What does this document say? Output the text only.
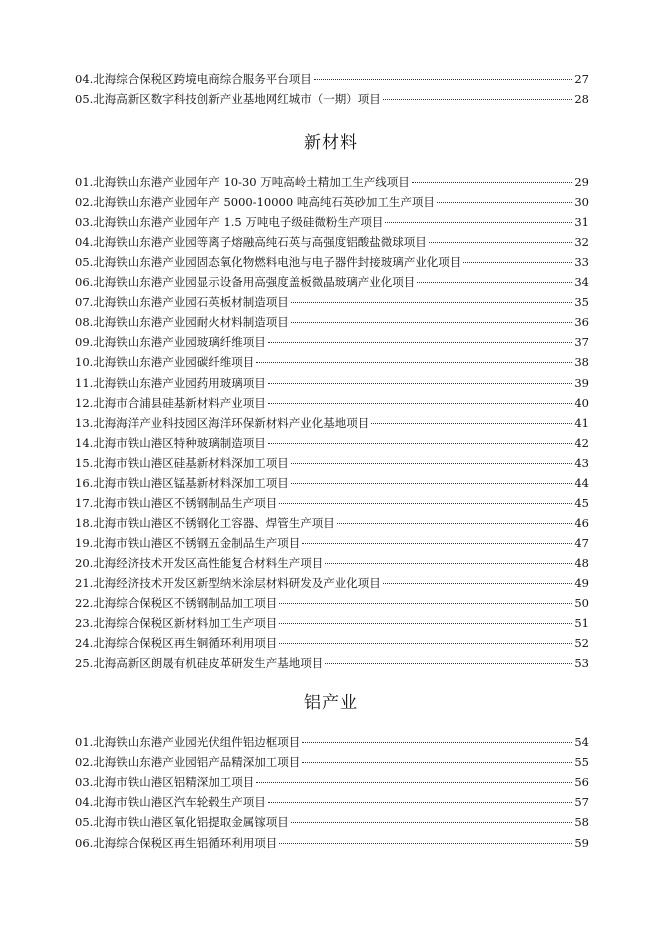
04.北海综合保税区跨境电商综合服务平台项目	27
05.北海高新区数字科技创新产业基地网红城市（一期）项目	28
新材料
01.北海铁山东港产业园年产 10-30 万吨高岭土精加工生产线项目	29
02.北海铁山东港产业园年产 5000-10000 吨高纯石英砂加工生产项目	30
03.北海铁山东港产业园年产 1.5 万吨电子级硅微粉生产项目	31
04.北海铁山东港产业园等离子熔融高纯石英与高强度铝酸盐微球项目	32
05.北海铁山东港产业园固态氧化物燃料电池与电子器件封接玻璃产业化项目	33
06.北海铁山东港产业园显示设备用高强度盖板微晶玻璃产业化项目	34
07.北海铁山东港产业园石英板材制造项目	35
08.北海铁山东港产业园耐火材料制造项目	36
09.北海铁山东港产业园玻璃纤维项目	37
10.北海铁山东港产业园碳纤维项目	38
11.北海铁山东港产业园药用玻璃项目	39
12.北海市合浦县硅基新材料产业项目	40
13.北海海洋产业科技园区海洋环保新材料产业化基地项目	41
14.北海市铁山港区特种玻璃制造项目	42
15.北海市铁山港区硅基新材料深加工项目	43
16.北海市铁山港区锰基新材料深加工项目	44
17.北海市铁山港区不锈钢制品生产项目	45
18.北海市铁山港区不锈钢化工容器、焊管生产项目	46
19.北海市铁山港区不锈钢五金制品生产项目	47
20.北海经济技术开发区高性能复合材料生产项目	48
21.北海经济技术开发区新型纳米涂层材料研发及产业化项目	49
22.北海综合保税区不锈钢制品加工项目	50
23.北海综合保税区新材料加工生产项目	51
24.北海综合保税区再生铜循环利用项目	52
25.北海高新区朗晟有机硅皮革研发生产基地项目	53
铝产业
01.北海铁山东港产业园光伏组件铝边框项目	54
02.北海铁山东港产业园铝产品精深加工项目	55
03.北海市铁山港区铝精深加工项目	56
04.北海市铁山港区汽车轮毂生产项目	57
05.北海市铁山港区氧化铝提取金属镓项目	58
06.北海综合保税区再生铝循环利用项目	59
